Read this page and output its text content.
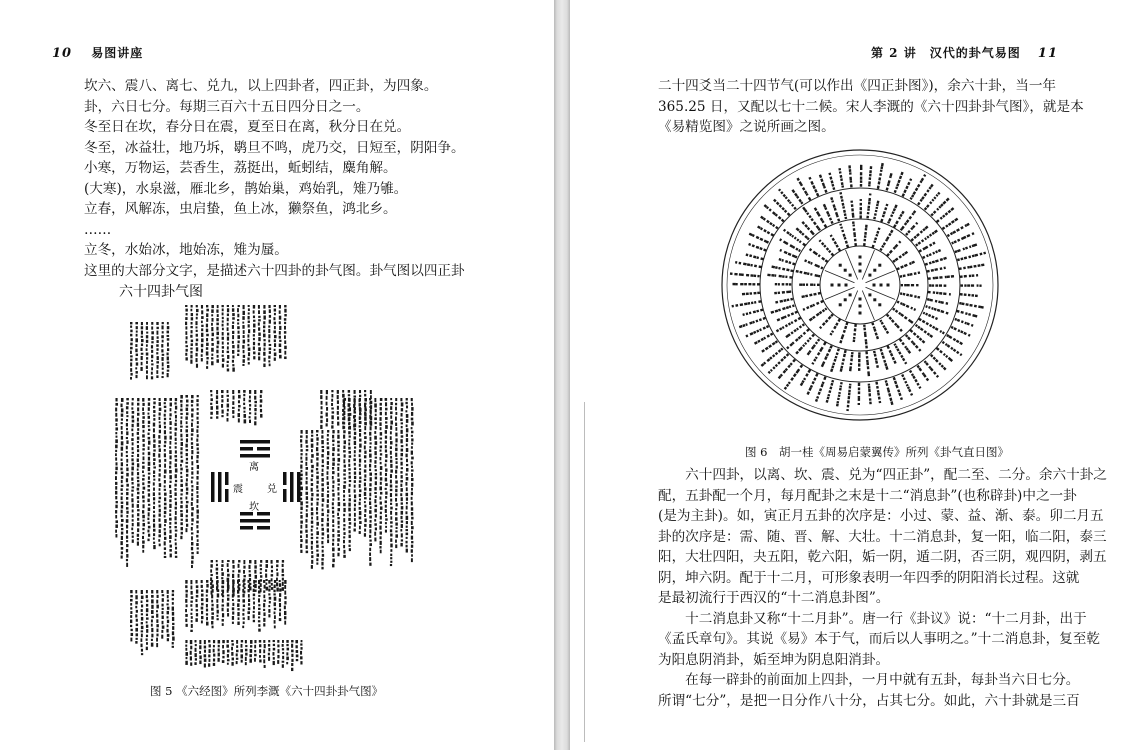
10 易图讲座
坎六、震八、离七、兑九，以上四卦者，四正卦，为四象。
卦，六日七分。每期三百六十五日四分日之一。
冬至日在坎，春分日在震，夏至日在离，秋分日在兑。
冬至，冰益壮，地乃坼，鹖旦不鸣，虎乃交，日短至，阴阳争。
小寒，万物运，芸香生，荔挺出，蚯蚓结，麋角解。
(大寒)，水泉滋，雁北乡，鹊始巢，鸡始乳，雉乃雊。
立春，风解冻，虫启蛰，鱼上冰，獭祭鱼，鸿北乡。
……
立冬，水始冰，地始冻，雉为蜃。
这里的大部分文字，是描述六十四卦的卦气图。卦气图以四正卦
六十四卦气图
离
坎
震 兑
图 5 《六经图》所列李溉《六十四卦卦气图》
第 2 讲　汉代的卦气易图 11
二十四爻当二十四节气(可以作出《四正卦图》)，余六十卦，当一年
365.25 日，又配以七十二候。宋人李溉的《六十四卦卦气图》，就是本
《易精览图》之说所画之图。
图 6　胡一桂《周易启蒙翼传》所列《卦气直日图》
　　六十四卦，以离、坎、震、兑为“四正卦”，配二至、二分。余六十卦之
配，五卦配一个月，每月配卦之末是十二“消息卦”(也称辟卦)中之一卦
(是为主卦)。如，寅正月五卦的次序是：小过、蒙、益、渐、泰。卯二月五
卦的次序是：需、随、晋、解、大壮。十二消息卦，复一阳，临二阳，泰三
阳，大壮四阳，夬五阳，乾六阳，姤一阴，遁二阴，否三阴，观四阴，剥五
阴，坤六阴。配于十二月，可形象表明一年四季的阴阳消长过程。这就
是最初流行于西汉的“十二消息卦图”。
　　十二消息卦又称“十二月卦”。唐一行《卦议》说：“十二月卦，出于
《孟氏章句》。其说《易》本于气，而后以人事明之。”十二消息卦，复至乾
为阳息阴消卦，姤至坤为阴息阳消卦。
　　在每一辟卦的前面加上四卦，一月中就有五卦，每卦当六日七分。
所谓“七分”，是把一日分作八十分，占其七分。如此，六十卦就是三百
